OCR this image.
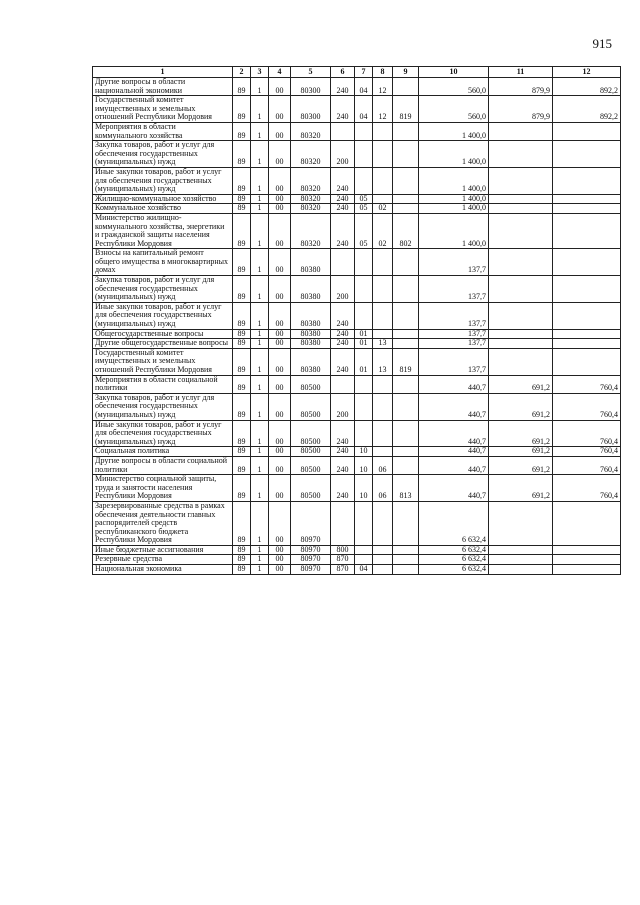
915
1	2	3	4	5	6	7	8	9	10	11	12
Другие вопросы в области национальной экономики	89	1	00	80300	240	04	12		560,0	879,9	892,2
Государственный комитет имущественных и земельных отношений Республики Мордовия	89	1	00	80300	240	04	12	819	560,0	879,9	892,2
Мероприятия в области коммунального хозяйства	89	1	00	80320					1 400,0		
Закупка товаров, работ и услуг для обеспечения государственных (муниципальных) нужд	89	1	00	80320	200				1 400,0		
Иные закупки товаров, работ и услуг для обеспечения государственных (муниципальных) нужд	89	1	00	80320	240				1 400,0		
Жилищно-коммунальное хозяйство	89	1	00	80320	240	05			1 400,0		
Коммунальное хозяйство	89	1	00	80320	240	05	02		1 400,0		
Министерство жилищно-коммунального хозяйства, энергетики и гражданской защиты населения Республики Мордовия	89	1	00	80320	240	05	02	802	1 400,0		
Взносы на капитальный ремонт общего имущества в многоквартирных домах	89	1	00	80380					137,7		
Закупка товаров, работ и услуг для обеспечения государственных (муниципальных) нужд	89	1	00	80380	200				137,7		
Иные закупки товаров, работ и услуг для обеспечения государственных (муниципальных) нужд	89	1	00	80380	240				137,7		
Общегосударственные вопросы	89	1	00	80380	240	01			137,7		
Другие общегосударственные вопросы	89	1	00	80380	240	01	13		137,7		
Государственный комитет имущественных и земельных отношений Республики Мордовия	89	1	00	80380	240	01	13	819	137,7		
Мероприятия в области социальной политики	89	1	00	80500					440,7	691,2	760,4
Закупка товаров, работ и услуг для обеспечения государственных (муниципальных) нужд	89	1	00	80500	200				440,7	691,2	760,4
Иные закупки товаров, работ и услуг для обеспечения государственных (муниципальных) нужд	89	1	00	80500	240				440,7	691,2	760,4
Социальная политика	89	1	00	80500	240	10			440,7	691,2	760,4
Другие вопросы в области социальной политики	89	1	00	80500	240	10	06		440,7	691,2	760,4
Министерство социальной защиты, труда и занятости населения Республики Мордовия	89	1	00	80500	240	10	06	813	440,7	691,2	760,4
Зарезервированные средства в рамках обеспечения деятельности главных распорядителей средств республиканского бюджета Республики Мордовия	89	1	00	80970					6 632,4		
Иные бюджетные ассигнования	89	1	00	80970	800				6 632,4		
Резервные средства	89	1	00	80970	870				6 632,4		
Национальная экономика	89	1	00	80970	870	04			6 632,4		
